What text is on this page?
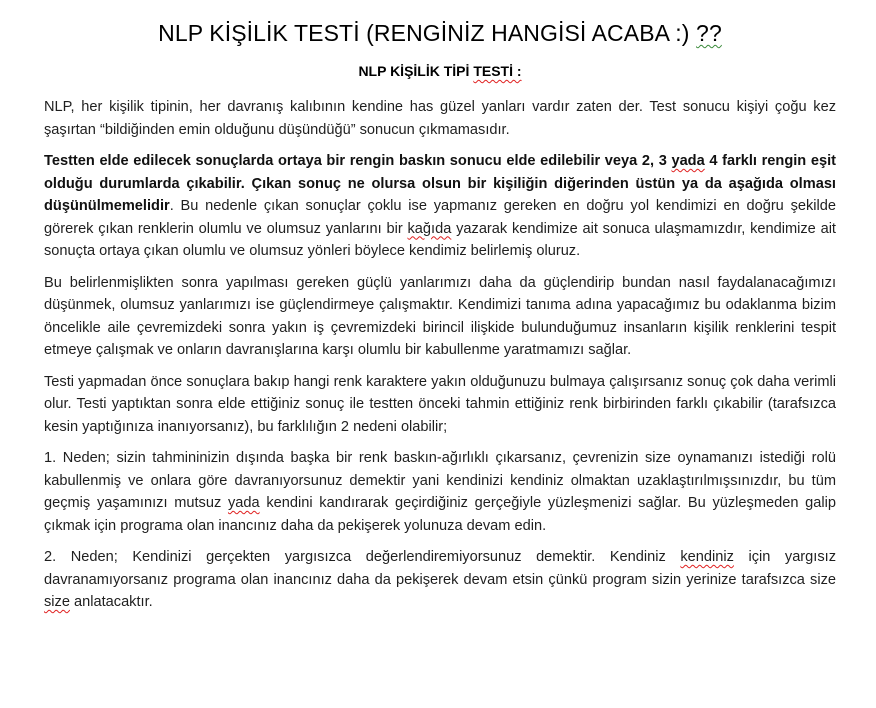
NLP KİŞİLİK TESTİ (RENGİNİZ HANGİSİ ACABA :) ??
NLP KİŞİLİK TİPİ TESTİ :

NLP, her kişilik tipinin, her davranış kalıbının kendine has güzel yanları vardır zaten der. Test sonucu kişiyi çoğu kez şaşırtan “bildiğinden emin olduğunu düşündüğü” sonucun çıkmamasıdır.

Testten elde edilecek sonuçlarda ortaya bir rengin baskın sonucu elde edilebilir veya 2, 3 yada 4 farklı rengin eşit olduğu durumlarda çıkabilir. Çıkan sonuç ne olursa olsun bir kişiliğin diğerinden üstün ya da aşağıda olması düşünülmemelidir. Bu nedenle çıkan sonuçlar çoklu ise yapmanız gereken en doğru yol kendimizi en doğru şekilde görerek çıkan renklerin olumlu ve olumsuz yanlarını bir kağıda yazarak kendimize ait sonuca ulaşmamızdır, kendimize ait sonuçta ortaya çıkan olumlu ve olumsuz yönleri böylece kendimiz belirlemiş oluruz.

Bu belirlenmişlikten sonra yapılması gereken güçlü yanlarımızı daha da güçlendirip bundan nasıl faydalanacağımızı düşünmek, olumsuz yanlarımızı ise güçlendirmeye çalışmaktır. Kendimizi tanıma adına yapacağımız bu odaklanma bizim öncelikle aile çevremizdeki sonra yakın iş çevremizdeki birincil ilişkide bulunduğumuz insanların kişilik renklerini tespit etmeye çalışmak ve onların davranışlarına karşı olumlu bir kabullenme yaratmamızı sağlar.

Testi yapmadan önce sonuçlara bakıp hangi renk karaktere yakın olduğunuzu bulmaya çalışırsanız sonuç çok daha verimli olur. Testi yaptıktan sonra elde ettiğiniz sonuç ile testten önceki tahmin ettiğiniz renk birbirinden farklı çıkabilir (tarafsızca kesin yaptığınıza inanıyorsanız), bu farklılığın 2 nedeni olabilir;

1. Neden; sizin tahmininizin dışında başka bir renk baskın-ağırlıklı çıkarsanız, çevrenizin size oynamanızı istediği rolü kabullenmiş ve onlara göre davranıyorsunuz demektir yani kendinizi kendiniz olmaktan uzaklaştırılmışsınızdır, bu tüm geçmiş yaşamınızı mutsuz yada kendini kandırarak geçirdiğiniz gerçeğiyle yüzleşmenizi sağlar. Bu yüzleşmeden galip çıkmak için programa olan inancınız daha da pekişerek yolunuza devam edin.

2. Neden; Kendinizi gerçekten yargısızca değerlendiremiyorsunuz demektir. Kendiniz kendiniz için yargısız davranamıyorsanız programa olan inancınız daha da pekişerek devam etsin çünkü program sizin yerinize tarafsızca size size anlatacaktır.
